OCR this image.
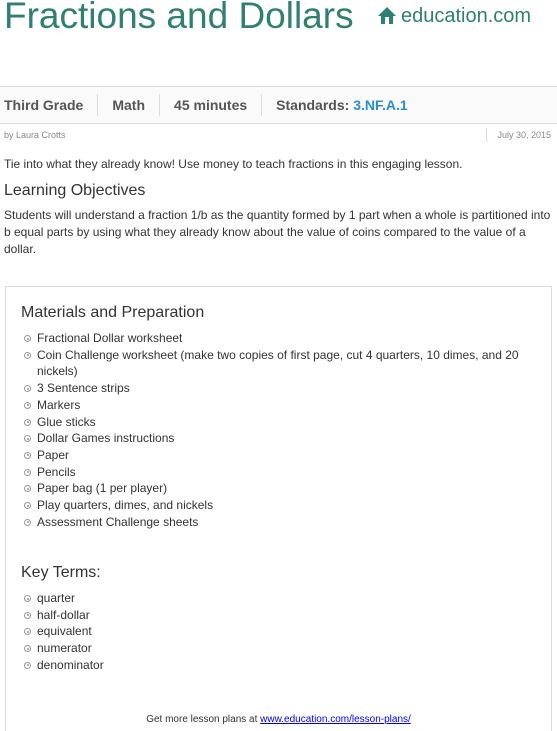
Fractions and Dollars	education.com
Third Grade	Math	45 minutes	Standards: 3.NF.A.1
by Laura Crotts	July 30, 2015

Tie into what they already know! Use money to teach fractions in this engaging lesson.

Learning Objectives

Students will understand a fraction 1/b as the quantity formed by 1 part when a whole is partitioned into b equal parts by using what they already know about the value of coins compared to the value of a dollar.

Materials and Preparation
Fractional Dollar worksheet
Coin Challenge worksheet (make two copies of first page, cut 4 quarters, 10 dimes, and 20 nickels)
3 Sentence strips
Markers
Glue sticks
Dollar Games instructions
Paper
Pencils
Paper bag (1 per player)
Play quarters, dimes, and nickels
Assessment Challenge sheets
Key Terms:
quarter
half-dollar
equivalent
numerator
denominator
Get more lesson plans at www.education.com/lesson-plans/
